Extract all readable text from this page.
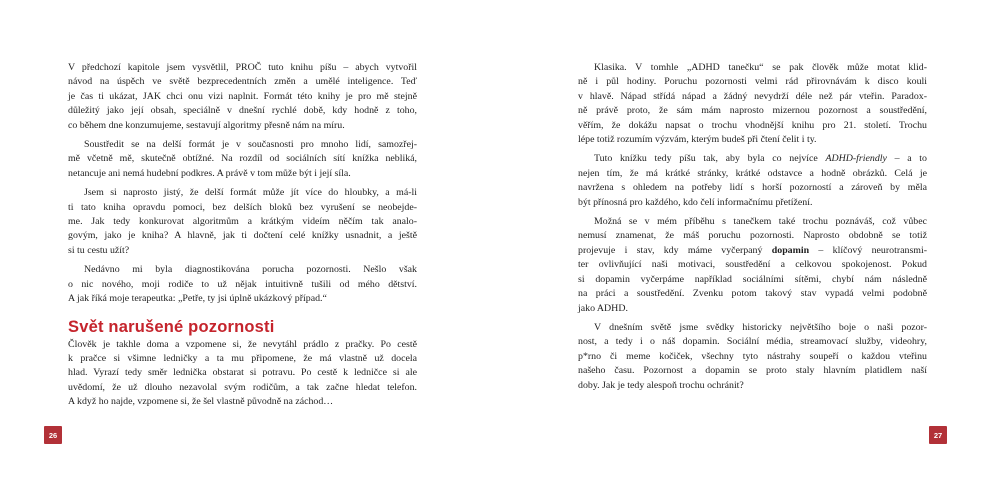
V předchozí kapitole jsem vysvětlil, PROČ tuto knihu píšu – abych vytvořil
návod na úspěch ve světě bezprecedentních změn a umělé inteligence. Teď
je čas ti ukázat, JAK chci onu vizi naplnit. Formát této knihy je pro mě stejně
důležitý jako její obsah, speciálně v dnešní rychlé době, kdy hodně z toho,
co během dne konzumujeme, sestavují algoritmy přesně nám na míru.
Soustředit se na delší formát je v současnosti pro mnoho lidí, samozřej-
mě včetně mě, skutečně obtížné. Na rozdíl od sociálních sítí knížka nebliká,
netancuje ani nemá hudební podkres. A právě v tom může být i její síla.
Jsem si naprosto jistý, že delší formát může jít více do hloubky, a má-li
ti tato kniha opravdu pomoci, bez delších bloků bez vyrušení se neobejde-
me. Jak tedy konkurovat algoritmům a krátkým videím něčím tak analo-
govým, jako je kniha? A hlavně, jak ti dočtení celé knížky usnadnit, a ještě
si tu cestu užít?
Nedávno mi byla diagnostikována porucha pozornosti. Nešlo však
o nic nového, moji rodiče to už nějak intuitivně tušili od mého dětství.
A jak říká moje terapeutka: „Petře, ty jsi úplně ukázkový případ.“
Svět narušené pozornosti
Člověk je takhle doma a vzpomene si, že nevytáhl prádlo z pračky. Po cestě
k pračce si všimne ledničky a ta mu připomene, že má vlastně už docela
hlad. Vyrazí tedy směr lednička obstarat si potravu. Po cestě k ledničce si ale
uvědomí, že už dlouho nezavolal svým rodičům, a tak začne hledat telefon.
A když ho najde, vzpomene si, že šel vlastně původně na záchod…
26
Klasika. V tomhle „ADHD tanečku“ se pak člověk může motat klid-
ně i půl hodiny. Poruchu pozornosti velmi rád přirovnávám k disco kouli
v hlavě. Nápad střídá nápad a žádný nevydrží déle než pár vteřin. Paradox-
ně právě proto, že sám mám naprosto mizernou pozornost a soustředění,
věřím, že dokážu napsat o trochu vhodnější knihu pro 21. století. Trochu
lépe totiž rozumím výzvám, kterým budeš při čtení čelit i ty.
Tuto knížku tedy píšu tak, aby byla co nejvíce ADHD-friendly – a to
nejen tím, že má krátké stránky, krátké odstavce a hodně obrázků. Celá je
navržena s ohledem na potřeby lidí s horší pozorností a zároveň by měla
být přínosná pro každého, kdo čelí informačnímu přetížení.
Možná se v mém příběhu s tanečkem také trochu poznáváš, což vůbec
nemusí znamenat, že máš poruchu pozornosti. Naprosto obdobně se totiž
projevuje i stav, kdy máme vyčerpaný dopamin – klíčový neurotransmi-
ter ovlivňující naši motivaci, soustředění a celkovou spokojenost. Pokud
si dopamin vyčerpáme například sociálními sítěmi, chybí nám následně
na práci a soustředění. Zvenku potom takový stav vypadá velmi podobně
jako ADHD.
V dnešním světě jsme svědky historicky největšího boje o naši pozor-
nost, a tedy i o náš dopamin. Sociální média, streamovací služby, videohry,
p*rno či meme kočiček, všechny tyto nástrahy soupeří o každou vteřinu
našeho času. Pozornost a dopamin se proto staly hlavním platidlem naší
doby. Jak je tedy alespoň trochu ochránit?
27
